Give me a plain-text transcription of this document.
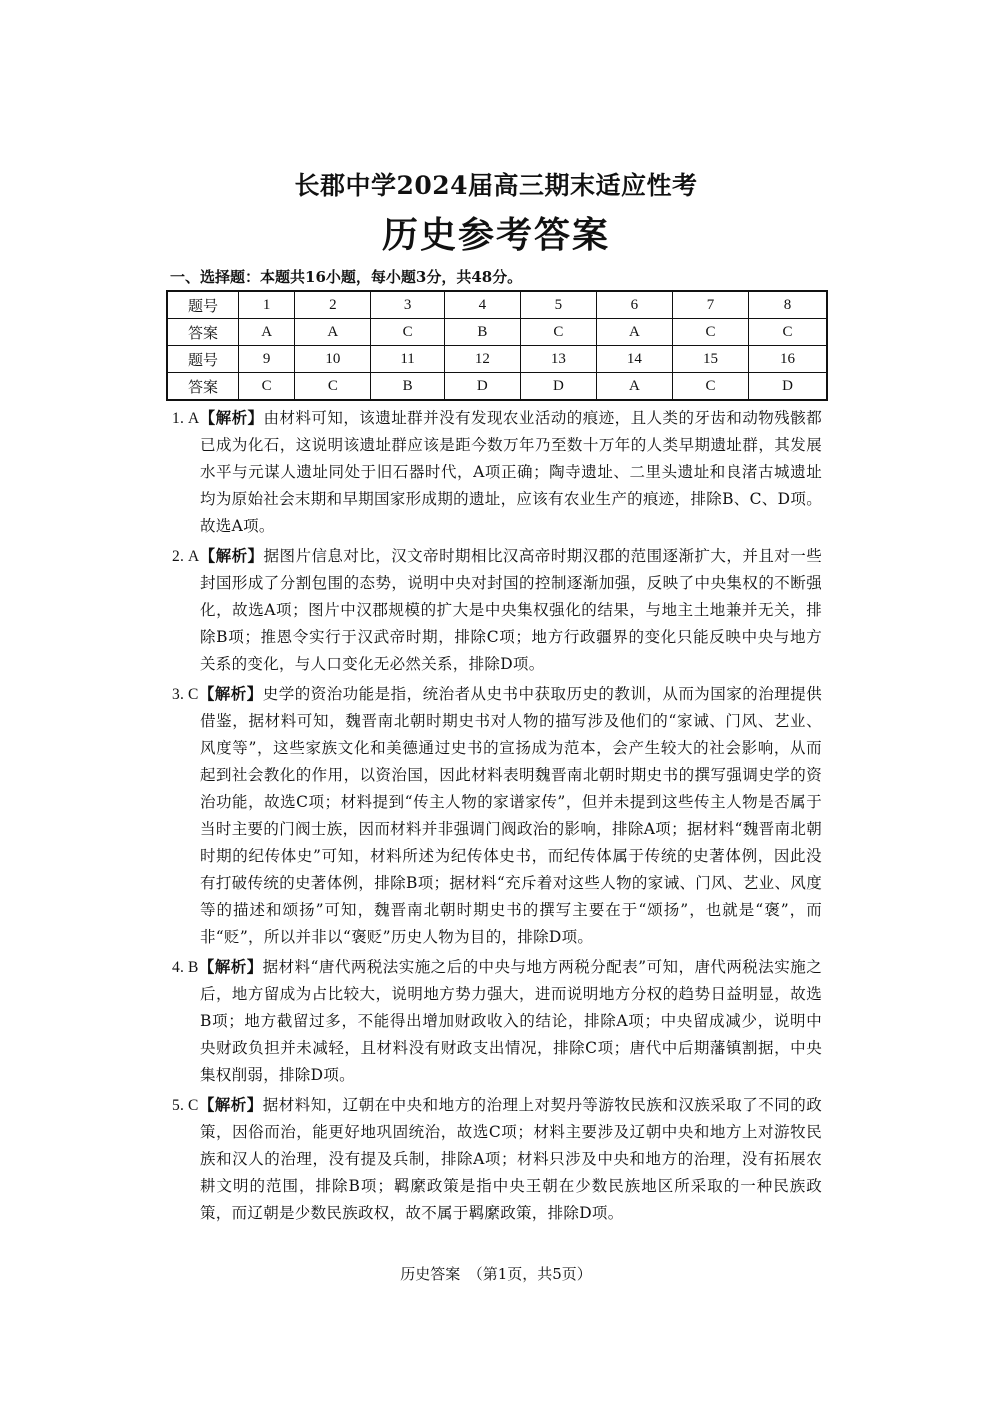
长郡中学2024届高三期末适应性考
历史参考答案
一、选择题：本题共16小题，每小题3分，共48分。
题号	1	2	3	4	5	6	7	8
答案	A	A	C	B	C	A	C	C
题号	9	10	11	12	13	14	15	16
答案	C	C	B	D	D	A	C	D
1. A【解析】由材料可知，该遗址群并没有发现农业活动的痕迹，且人类的牙齿和动物残骸都已成为化石，这说明该遗址群应该是距今数万年乃至数十万年的人类早期遗址群，其发展水平与元谋人遗址同处于旧石器时代，A项正确；陶寺遗址、二里头遗址和良渚古城遗址均为原始社会末期和早期国家形成期的遗址，应该有农业生产的痕迹，排除B、C、D项。故选A项。
2. A【解析】据图片信息对比，汉文帝时期相比汉高帝时期汉郡的范围逐渐扩大，并且对一些封国形成了分割包围的态势，说明中央对封国的控制逐渐加强，反映了中央集权的不断强化，故选A项；图片中汉郡规模的扩大是中央集权强化的结果，与地主土地兼并无关，排除B项；推恩令实行于汉武帝时期，排除C项；地方行政疆界的变化只能反映中央与地方关系的变化，与人口变化无必然关系，排除D项。
3. C【解析】史学的资治功能是指，统治者从史书中获取历史的教训，从而为国家的治理提供借鉴，据材料可知，魏晋南北朝时期史书对人物的描写涉及他们的“家诫、门风、艺业、风度等”，这些家族文化和美德通过史书的宣扬成为范本，会产生较大的社会影响，从而起到社会教化的作用，以资治国，因此材料表明魏晋南北朝时期史书的撰写强调史学的资治功能，故选C项；材料提到“传主人物的家谱家传”，但并未提到这些传主人物是否属于当时主要的门阀士族，因而材料并非强调门阀政治的影响，排除A项；据材料“魏晋南北朝时期的纪传体史”可知，材料所述为纪传体史书，而纪传体属于传统的史著体例，因此没有打破传统的史著体例，排除B项；据材料“充斥着对这些人物的家诫、门风、艺业、风度等的描述和颂扬”可知，魏晋南北朝时期史书的撰写主要在于“颂扬”，也就是“褒”，而非“贬”，所以并非以“褒贬”历史人物为目的，排除D项。
4. B【解析】据材料“唐代两税法实施之后的中央与地方两税分配表”可知，唐代两税法实施之后，地方留成为占比较大，说明地方势力强大，进而说明地方分权的趋势日益明显，故选B项；地方截留过多，不能得出增加财政收入的结论，排除A项；中央留成减少，说明中央财政负担并未减轻，且材料没有财政支出情况，排除C项；唐代中后期藩镇割据，中央集权削弱，排除D项。
5. C【解析】据材料知，辽朝在中央和地方的治理上对契丹等游牧民族和汉族采取了不同的政策，因俗而治，能更好地巩固统治，故选C项；材料主要涉及辽朝中央和地方上对游牧民族和汉人的治理，没有提及兵制，排除A项；材料只涉及中央和地方的治理，没有拓展农耕文明的范围，排除B项；羁縻政策是指中央王朝在少数民族地区所采取的一种民族政策，而辽朝是少数民族政权，故不属于羁縻政策，排除D项。
历史答案　（第1页，共5页）
